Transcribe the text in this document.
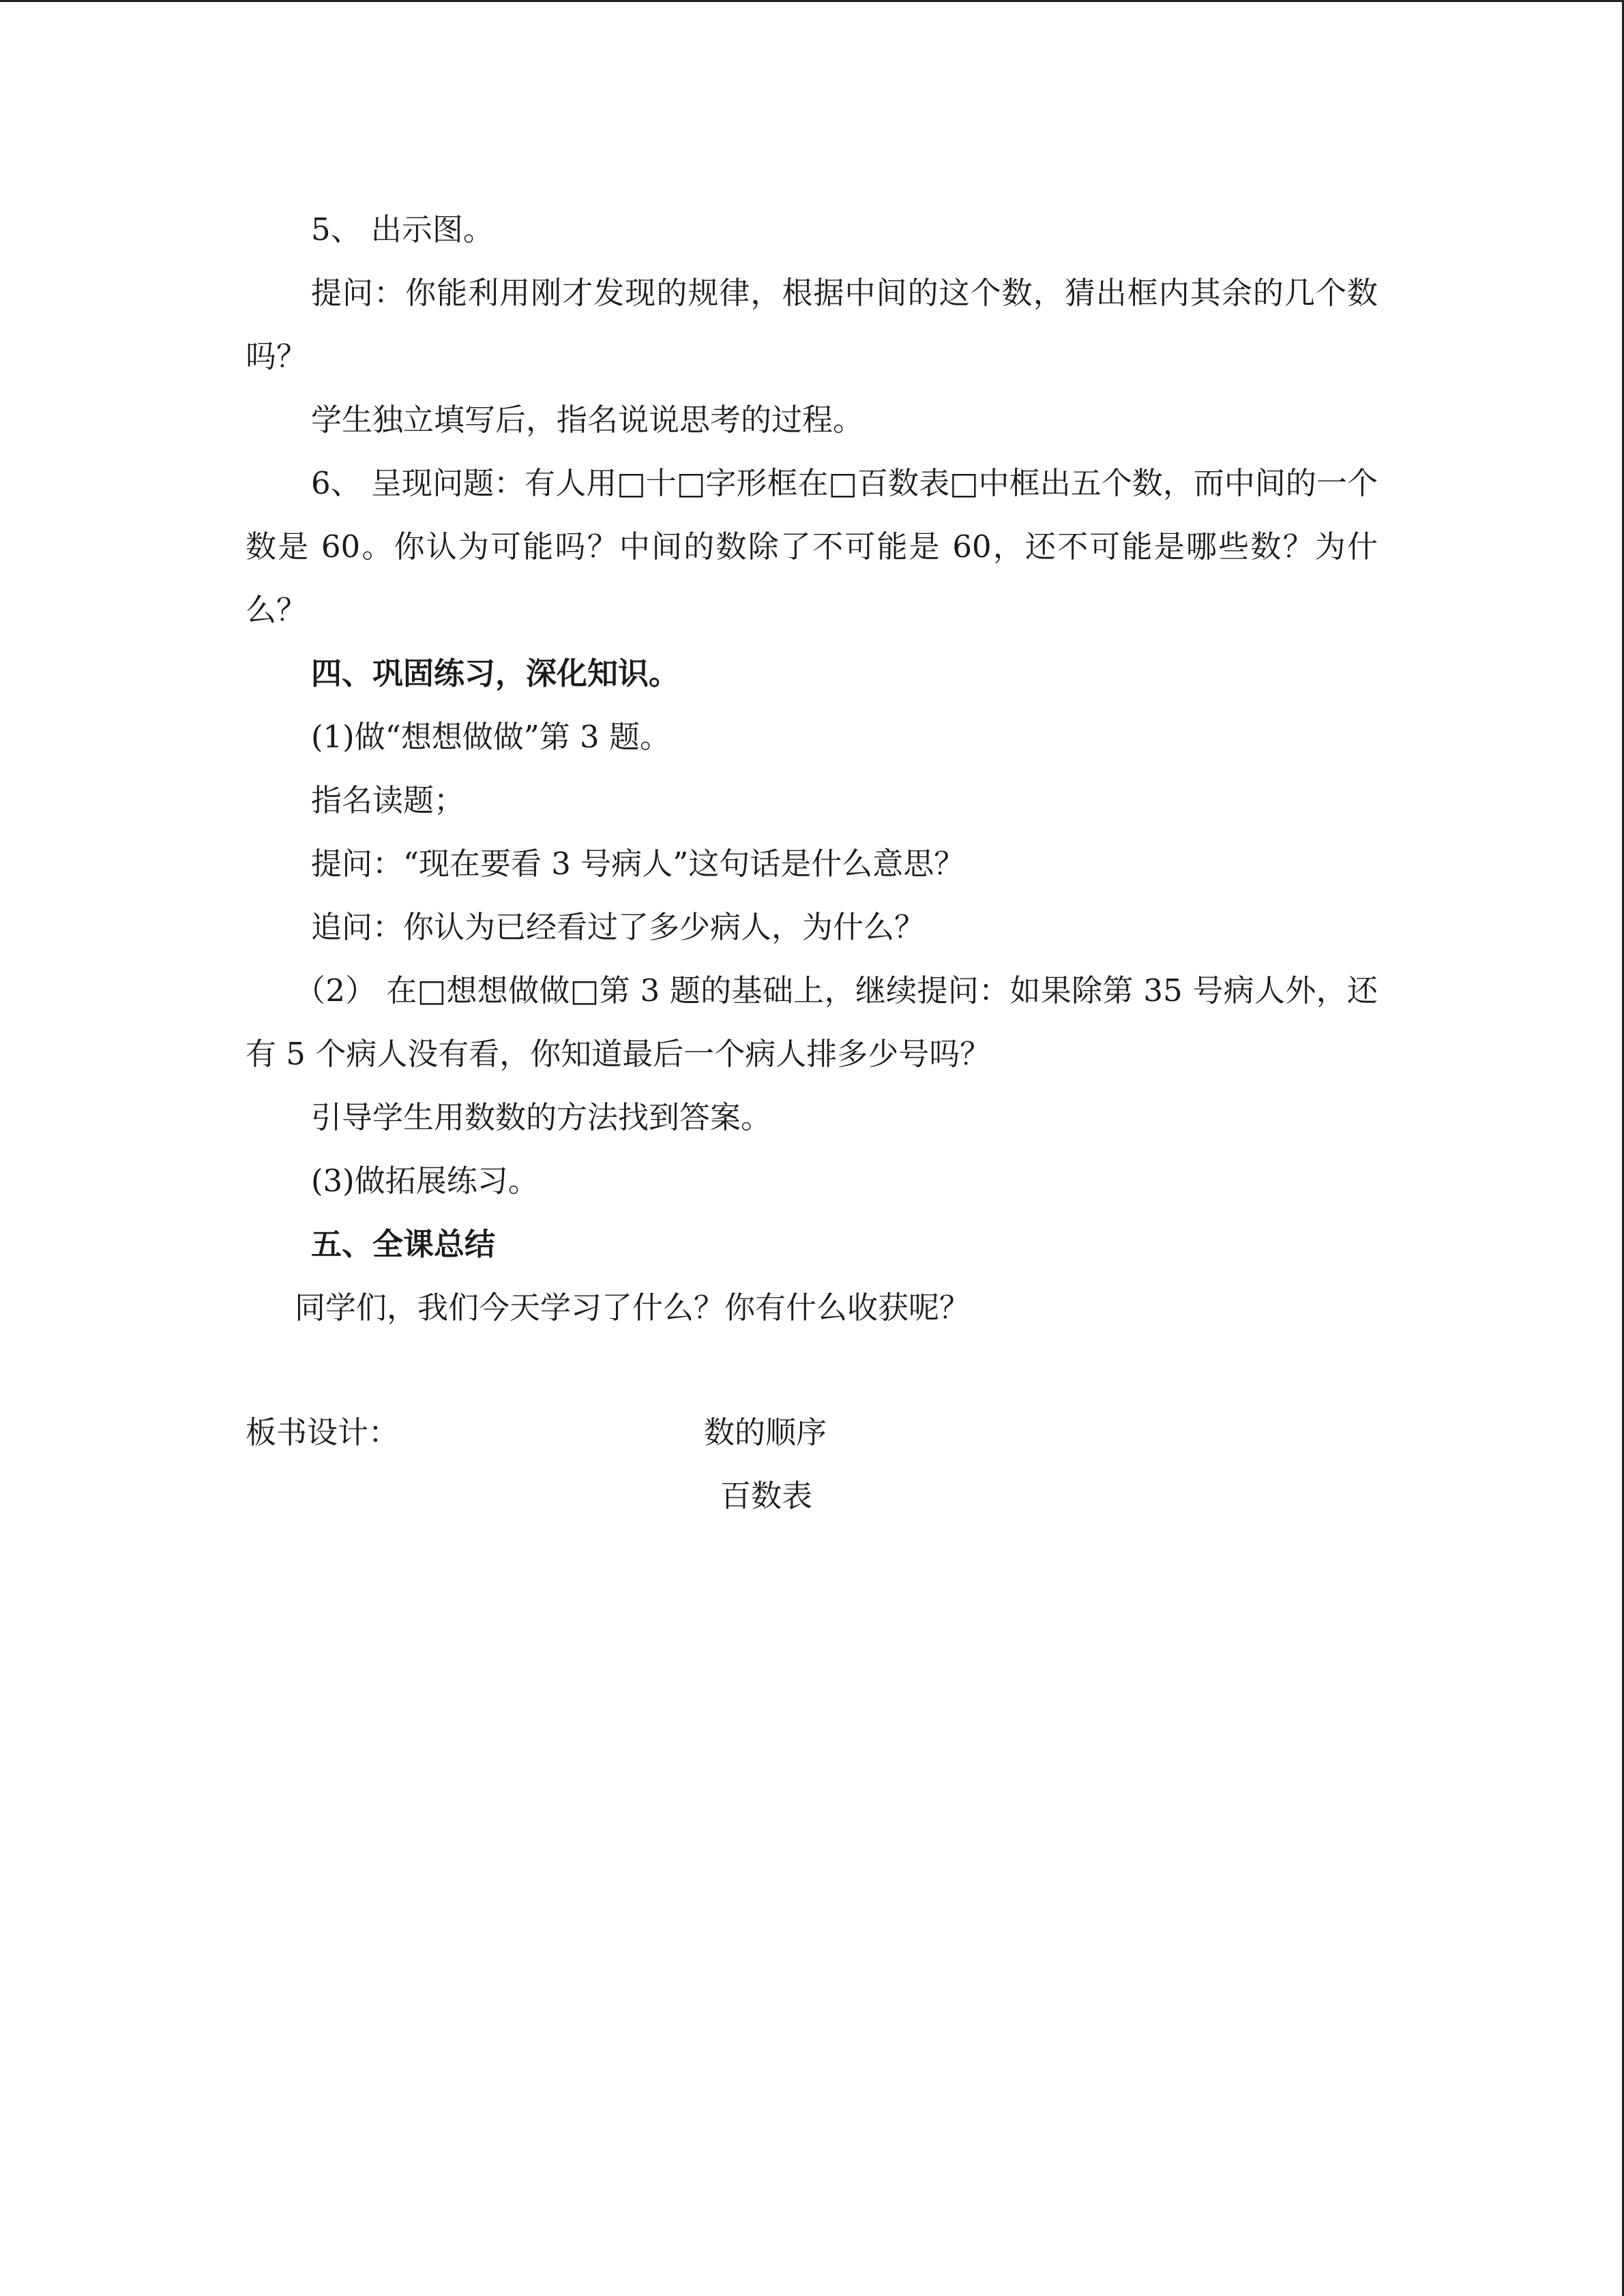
5、 出示图。

提问：你能利用刚才发现的规律，根据中间的这个数，猜出框内其余的几个数吗？

学生独立填写后，指名说说思考的过程。

6、 呈现问题：有人用□十□字形框在□百数表□中框出五个数，而中间的一个数是 60。你认为可能吗？中间的数除了不可能是 60，还不可能是哪些数？为什么？

四、巩固练习，深化知识。

(1)做“想想做做”第 3 题。

指名读题；

提问：“现在要看 3 号病人”这句话是什么意思？

追问：你认为已经看过了多少病人，为什么？

（2） 在□想想做做□第 3 题的基础上，继续提问：如果除第 35 号病人外，还有 5 个病人没有看，你知道最后一个病人排多少号吗？

引导学生用数数的方法找到答案。

(3)做拓展练习。

五、全课总结

同学们，我们今天学习了什么？你有什么收获呢？

板书设计：	数的顺序
百数表
